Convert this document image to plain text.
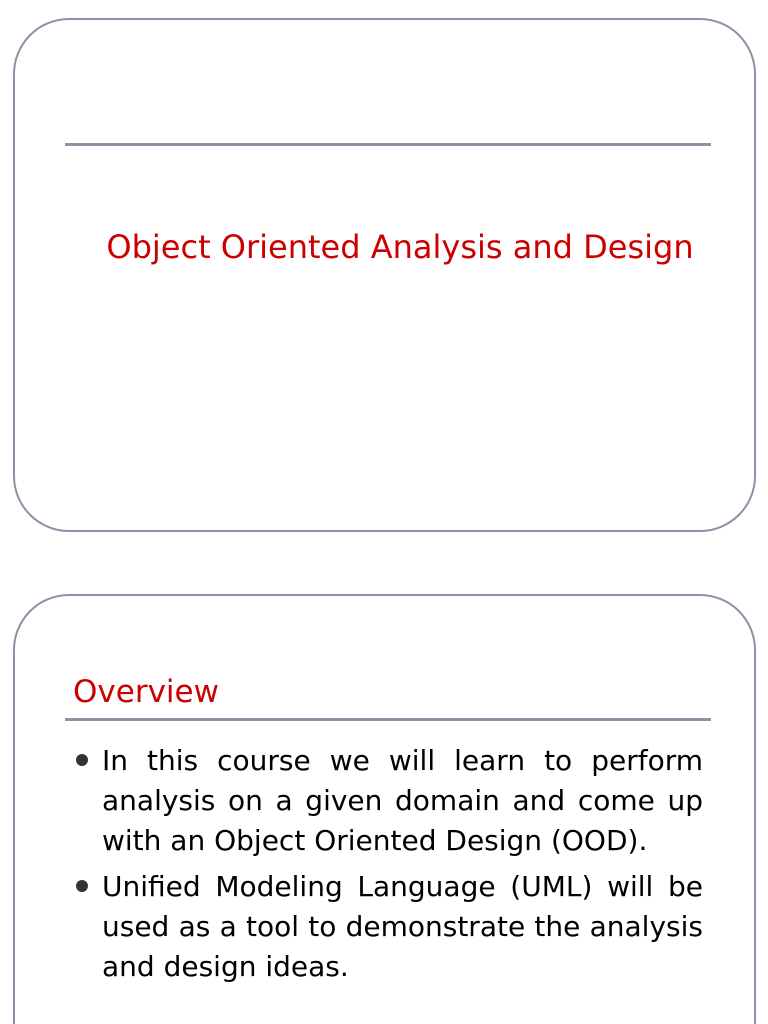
Object Oriented Analysis and Design
Overview
In this course we will learn to perform analysis on a given domain and come up with an Object Oriented Design (OOD).
Unified Modeling Language (UML) will be used as a tool to demonstrate the analysis and design ideas.
